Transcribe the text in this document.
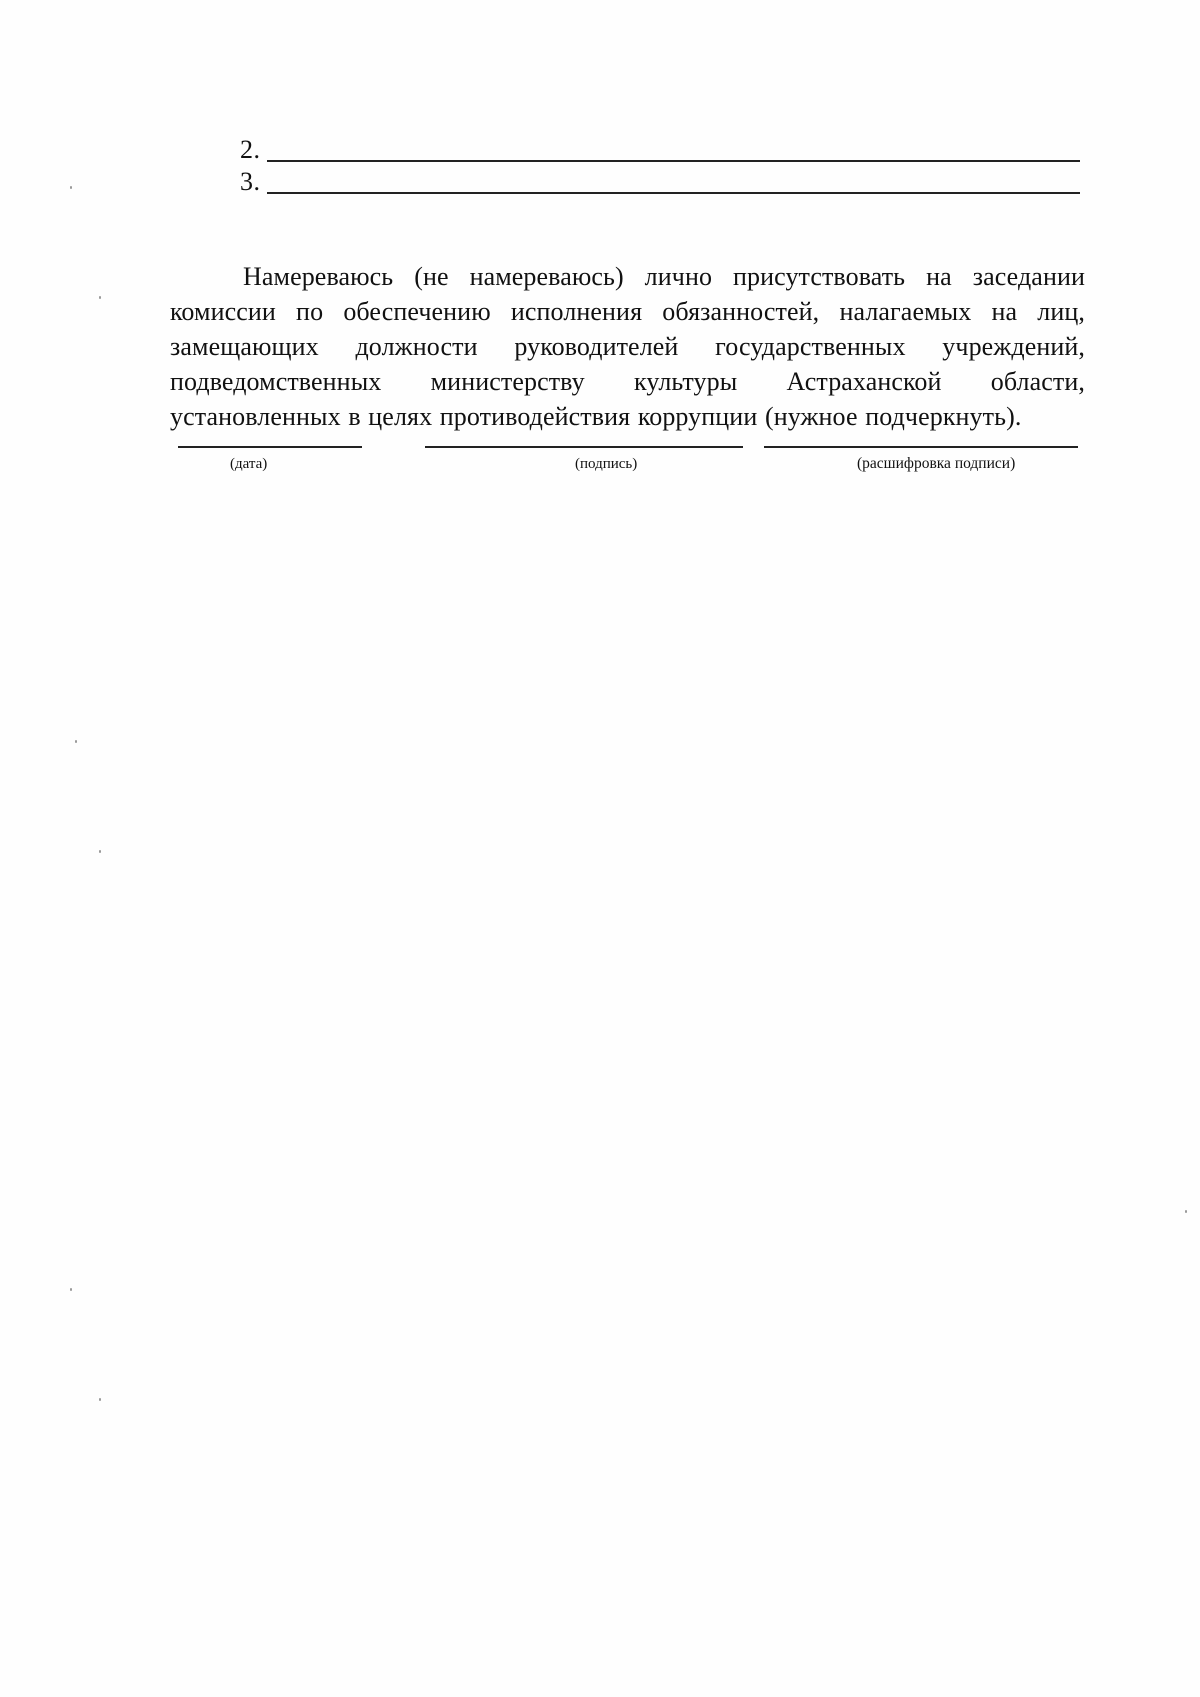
2.
3.

Намереваюсь (не намереваюсь) лично присутствовать на заседании комиссии по обеспечению исполнения обязанностей, налагаемых на лиц, замещающих должности руководителей государственных учреждений, подведомственных министерству культуры Астраханской области, установленных в целях противодействия коррупции (нужное подчеркнуть).

(дата)	(подпись)	(расшифровка подписи)
